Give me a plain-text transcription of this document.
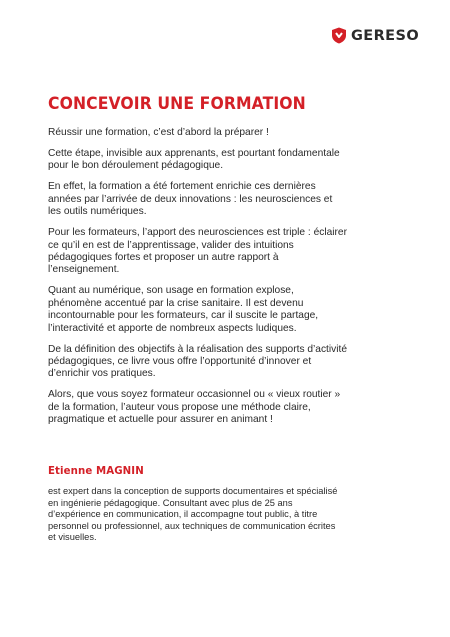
GERESO
CONCEVOIR UNE FORMATION

Réussir une formation, c’est d’abord la préparer !

Cette étape, invisible aux apprenants, est pourtant fondamentale pour le bon déroulement pédagogique.

En effet, la formation a été fortement enrichie ces dernières années par l’arrivée de deux innovations : les neurosciences et les outils numériques.

Pour les formateurs, l’apport des neurosciences est triple : éclairer ce qu’il en est de l’apprentissage, valider des intuitions pédagogiques fortes et proposer un autre rapport à l’enseignement.

Quant au numérique, son usage en formation explose, phénomène accentué par la crise sanitaire. Il est devenu incontournable pour les formateurs, car il suscite le partage, l’interactivité et apporte de nombreux aspects ludiques.

De la définition des objectifs à la réalisation des supports d’activité pédagogiques, ce livre vous offre l’opportunité d’innover et d’enrichir vos pratiques.

Alors, que vous soyez formateur occasionnel ou « vieux routier » de la formation, l’auteur vous propose une méthode claire, pragmatique et actuelle pour assurer en animant !

Etienne MAGNIN
est expert dans la conception de supports documentaires et spécialisé en ingénierie pédagogique. Consultant avec plus de 25 ans d’expérience en communication, il accompagne tout public, à titre personnel ou professionnel, aux techniques de communication écrites et visuelles.
